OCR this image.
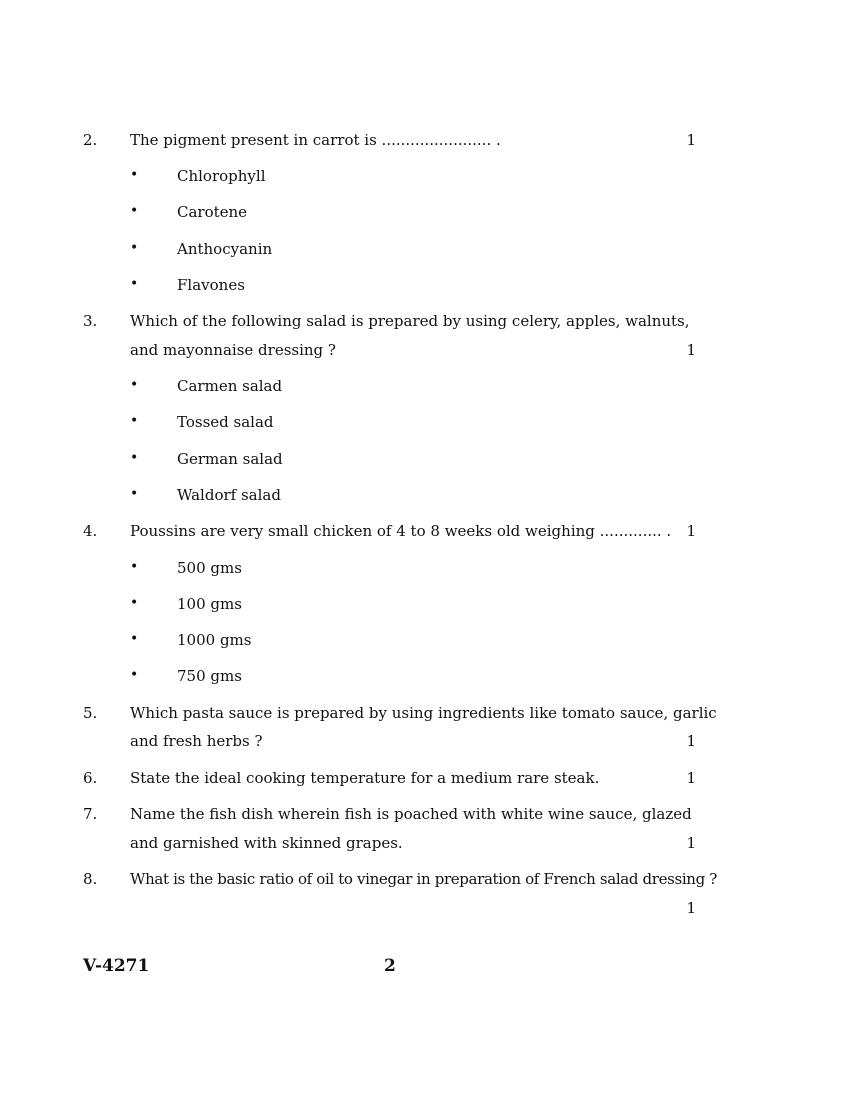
2. The pigment present in carrot is ....................... .	1
•	Chlorophyll
•	Carotene
•	Anthocyanin
•	Flavones
3. Which of the following salad is prepared by using celery, apples, walnuts,
and mayonnaise dressing ?	1
•	Carmen salad
•	Tossed salad
•	German salad
•	Waldorf salad
4. Poussins are very small chicken of 4 to 8 weeks old weighing ............. .	1
•	500 gms
•	100 gms
•	1000 gms
•	750 gms
5. Which pasta sauce is prepared by using ingredients like tomato sauce, garlic
and fresh herbs ?	1
6. State the ideal cooking temperature for a medium rare steak.	1
7. Name the fish dish wherein fish is poached with white wine sauce, glazed
and garnished with skinned grapes.	1
8. What is the basic ratio of oil to vinegar in preparation of French salad dressing ?
1
V-4271	2
